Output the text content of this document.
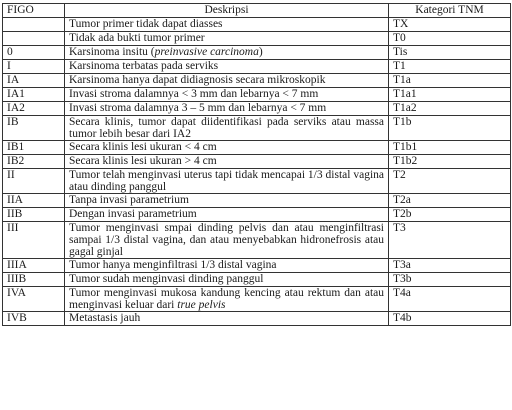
FIGO	Deskripsi	Kategori TNM
	Tumor primer tidak dapat diasses	TX
	Tidak ada bukti tumor primer	T0
0	Karsinoma insitu (preinvasive carcinoma)	Tis
I	Karsinoma terbatas pada serviks	T1
IA	Karsinoma hanya dapat didiagnosis secara mikroskopik	T1a
IA1	Invasi stroma dalamnya < 3 mm dan lebarnya < 7 mm	T1a1
IA2	Invasi stroma dalamnya 3 – 5 mm dan lebarnya < 7 mm	T1a2
IB	Secara klinis, tumor dapat diidentifikasi pada serviks atau massa tumor lebih besar dari IA2	T1b
IB1	Secara klinis lesi ukuran < 4 cm	T1b1
IB2	Secara klinis lesi ukuran > 4 cm	T1b2
II	Tumor telah menginvasi uterus tapi tidak mencapai 1/3 distal vagina atau dinding panggul	T2
IIA	Tanpa invasi parametrium	T2a
IIB	Dengan invasi parametrium	T2b
III	Tumor menginvasi smpai dinding pelvis dan atau menginfiltrasi sampai 1/3 distal vagina, dan atau menyebabkan hidronefrosis atau gagal ginjal	T3
IIIA	Tumor hanya menginfiltrasi 1/3 distal vagina	T3a
IIIB	Tumor sudah menginvasi dinding panggul	T3b
IVA	Tumor menginvasi mukosa kandung kencing atau rektum dan atau menginvasi keluar dari true pelvis	T4a
IVB	Metastasis jauh	T4b
